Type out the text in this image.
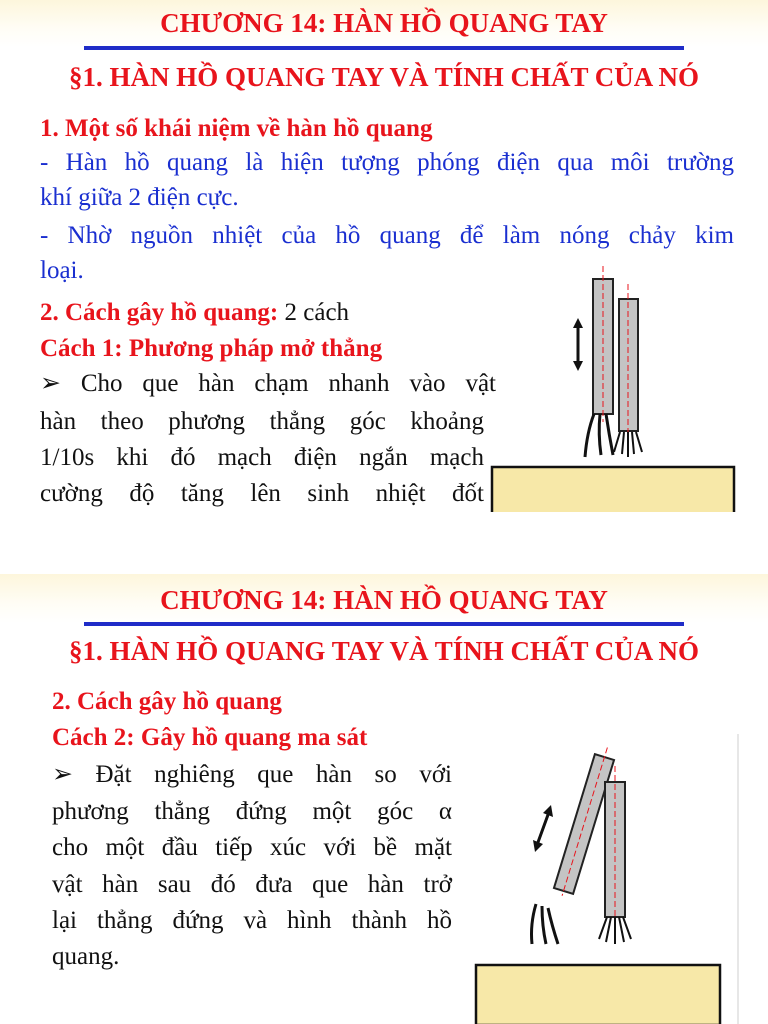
CHƯƠNG 14: HÀN HỒ QUANG TAY
§1. HÀN HỒ QUANG TAY VÀ TÍNH CHẤT CỦA NÓ
1. Một số khái niệm về hàn hồ quang
- Hàn hồ quang là hiện tượng phóng điện qua môi trường
khí giữa 2 điện cực.
- Nhờ nguồn nhiệt của hồ quang để làm nóng chảy kim
loại.
2. Cách gây hồ quang: 2 cách
Cách 1: Phương pháp mở thẳng
➢ Cho que hàn chạm nhanh vào vật
hàn theo phương thẳng góc khoảng
1/10s khi đó mạch điện ngắn mạch
cường độ tăng lên sinh nhiệt đốt
CHƯƠNG 14: HÀN HỒ QUANG TAY
§1. HÀN HỒ QUANG TAY VÀ TÍNH CHẤT CỦA NÓ
2. Cách gây hồ quang
Cách 2: Gây hồ quang ma sát
➢ Đặt nghiêng que hàn so với
phương thẳng đứng một góc α
cho một đầu tiếp xúc với bề mặt
vật hàn sau đó đưa que hàn trở
lại thẳng đứng và hình thành hồ
quang.
